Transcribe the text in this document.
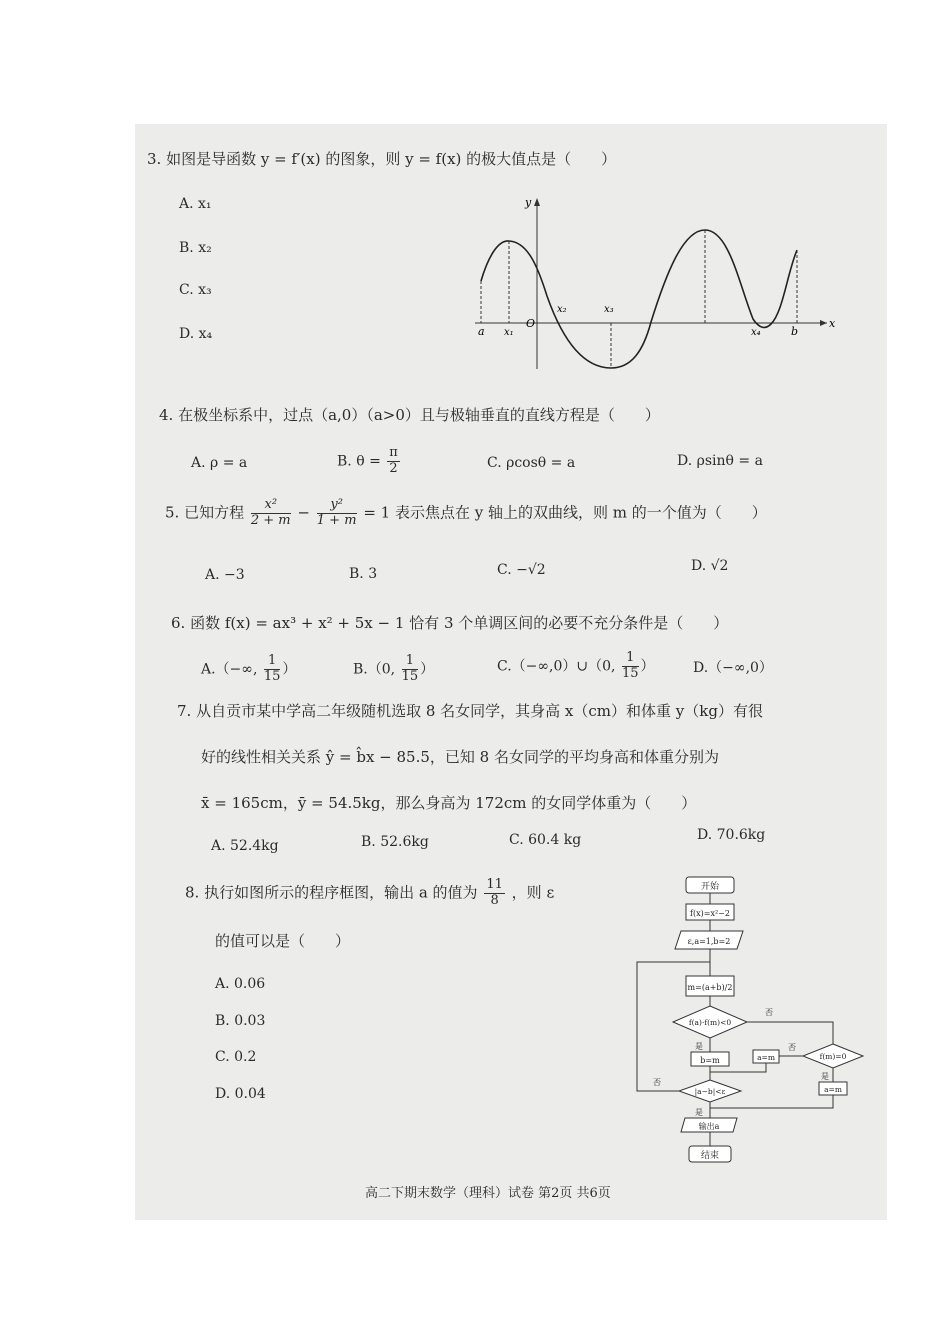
3. 如图是导函数 y = f′(x) 的图象，则 y = f(x) 的极大值点是（　　）
A. x₁
B. x₂
C. x₃
D. x₄
y
x
O
a x₁
x₂	x₃
x₄	b
4. 在极坐标系中，过点（a,0）（a>0）且与极轴垂直的直线方程是（　　）
A. ρ = a	B. $\theta = \frac{\pi}{2}$	C. ρcosθ = a	D. ρsinθ = a
5. 已知方程 $\frac{\text{x²}}{2 + m} - \frac{\text{y²}}{1 + m} = 1$ 表示焦点在 y 轴上的双曲线，则 m 的一个值为（　　）
A. −3	B. 3	C. −√2	D. √2
6. 函数 f(x) = ax³ + x² + 5x − 1 恰有 3 个单调区间的必要不充分条件是（　　）
A.（−∞, $\frac{1}{15}$ ）	B.（0, $\frac{1}{15}$ ）	C.（−∞,0）∪（0, $\frac{1}{15}$ ）	D.（−∞,0）
7. 从自贡市某中学高二年级随机选取 8 名女同学，其身高 x（cm）和体重 y（kg）有很
好的线性相关关系 ŷ = b̂x − 85.5，已知 8 名女同学的平均身高和体重分别为
x̄ = 165cm，ȳ = 54.5kg，那么身高为 172cm 的女同学体重为（　　）
A. 52.4kg	B. 52.6kg	C. 60.4 kg	D. 70.6kg
8. 执行如图所示的程序框图，输出 a 的值为 $\frac{11}{8}$ ，则 ε
的值可以是（　　）
A. 0.06
B. 0.03
C. 0.2
D. 0.04
开始
f(x)=x²−2
ε,a=1,b=2
m=(a+b)/2
f(a)·f(m)<0
是
否
b=m	a=m	f(m)=0
否
是
a=m
|a−b|<ε
否
是
输出a
结束
高二下期末数学（理科）试卷 第2页 共6页
